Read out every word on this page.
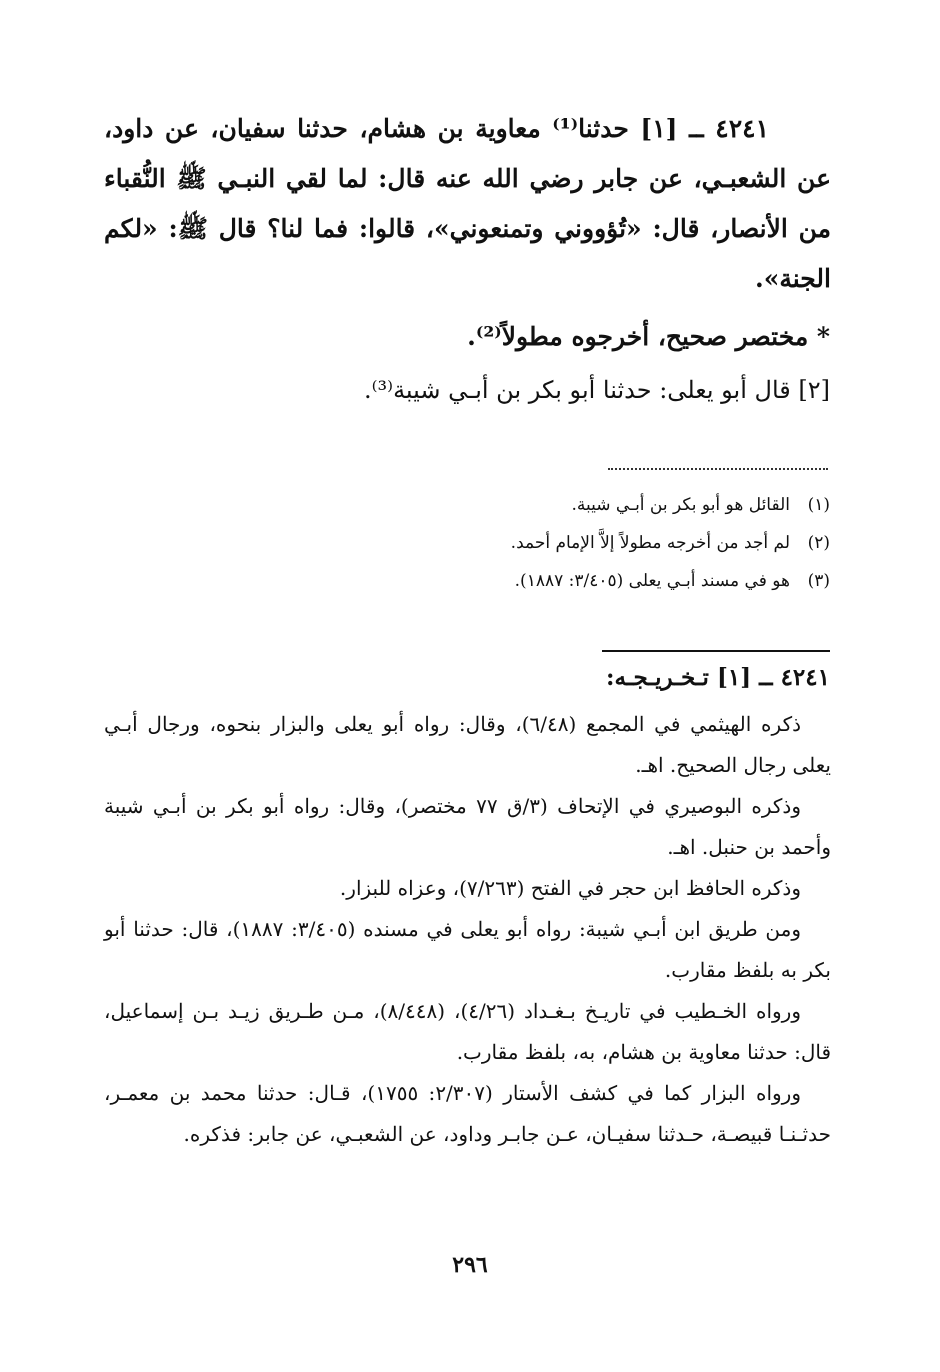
٤٢٤١ ــ [١] حدثنا⁽¹⁾ معاوية بن هشام، حدثنا سفيان، عن داود، عن الشعبـي، عن جابر رضي الله عنه قال: لما لقي النبـي ﷺ النُّقباء من الأنصار، قال: «تُؤووني وتمنعوني»، قالوا: فما لنا؟ قال ﷺ: «لكم الجنة».

* مختصر صحيح، أخرجوه مطولاً⁽²⁾.
[٢] قال أبو يعلى: حدثنا أبو بكر بن أبـي شيبة⁽³⁾.
(١)القائل هو أبو بكر بن أبـي شيبة.
(٢)لم أجد من أخرجه مطولاً إلاَّ الإمام أحمد.
(٣)هو في مسند أبـي يعلى (٣/٤٠٥: ١٨٨٧).
٤٢٤١ ــ [١] تـخـريـجـه:

ذكره الهيثمي في المجمع (٦/٤٨)، وقال: رواه أبو يعلى والبزار بنحوه، ورجال أبـي يعلى رجال الصحيح. اهـ.

وذكره البوصيري في الإتحاف (٣/ق ٧٧ مختصر)، وقال: رواه أبو بكر بن أبـي شيبة وأحمد بن حنبل. اهـ.

وذكره الحافظ ابن حجر في الفتح (٧/٢٦٣)، وعزاه للبزار.

ومن طريق ابن أبـي شيبة: رواه أبو يعلى في مسنده (٣/٤٠٥: ١٨٨٧)، قال: حدثنا أبو بكر به بلفظ مقارب.

ورواه الخـطيب في تاريـخ بـغـداد (٤/٢٦)، (٨/٤٤٨)، مـن طـريق زيـد بـن إسماعيل، قال: حدثنا معاوية بن هشام، به، بلفظ مقارب.

ورواه البزار كما في كشف الأستار (٢/٣٠٧: ١٧٥٥)، قـال: حدثنا محمد بن معمـر، حدثـنـا قبيصـة، حـدثنا سفيـان، عـن جابـر وداود، عن الشعبـي، عن جابر: فذكره.

٢٩٦
